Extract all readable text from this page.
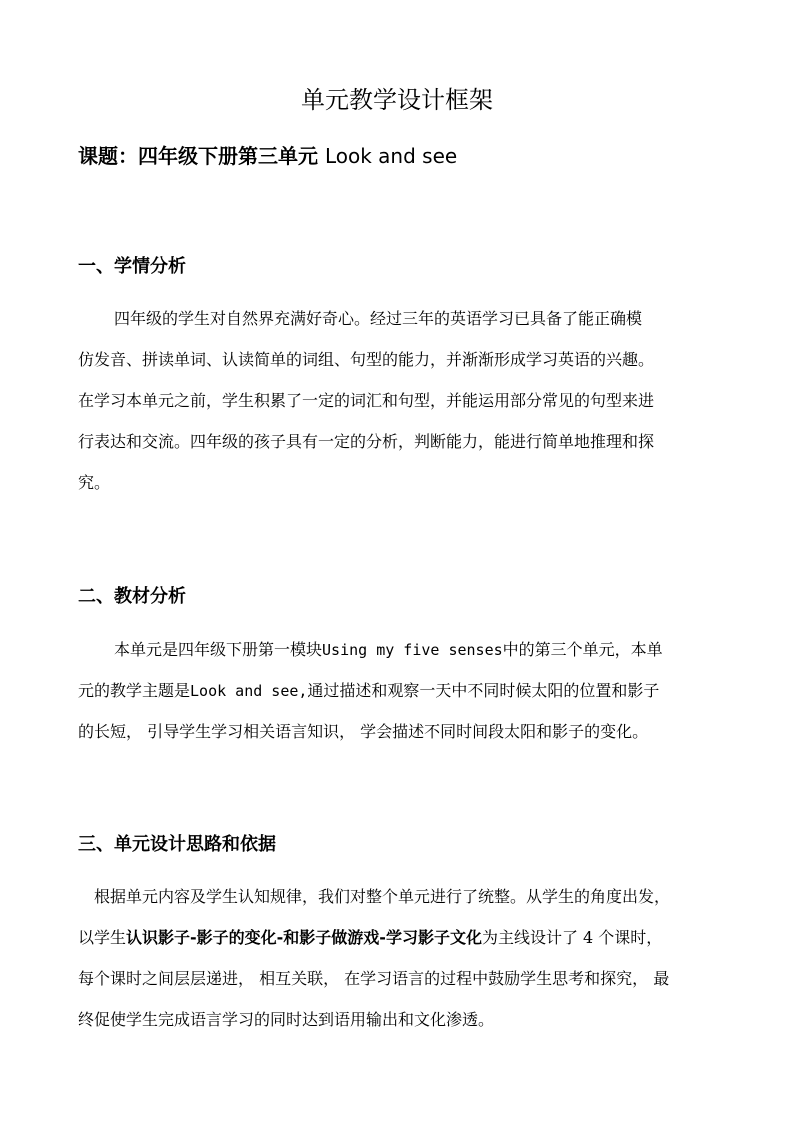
单元教学设计框架
课题：四年级下册第三单元 Look and see
一、学情分析
四年级的学生对自然界充满好奇心。经过三年的英语学习已具备了能正确模
仿发音、拼读单词、认读简单的词组、句型的能力，并渐渐形成学习英语的兴趣。
在学习本单元之前，学生积累了一定的词汇和句型，并能运用部分常见的句型来进
行表达和交流。四年级的孩子具有一定的分析，判断能力，能进行简单地推理和探
究。
二、教材分析
本单元是四年级下册第一模块Using my five senses中的第三个单元，本单
元的教学主题是Look and see,通过描述和观察一天中不同时候太阳的位置和影子
的长短， 引导学生学习相关语言知识， 学会描述不同时间段太阳和影子的变化。
三、单元设计思路和依据
根据单元内容及学生认知规律，我们对整个单元进行了统整。从学生的角度出发，
以学生认识影子-影子的变化-和影子做游戏-学习影子文化为主线设计了 4 个课时，
每个课时之间层层递进， 相互关联， 在学习语言的过程中鼓励学生思考和探究， 最
终促使学生完成语言学习的同时达到语用输出和文化渗透。
